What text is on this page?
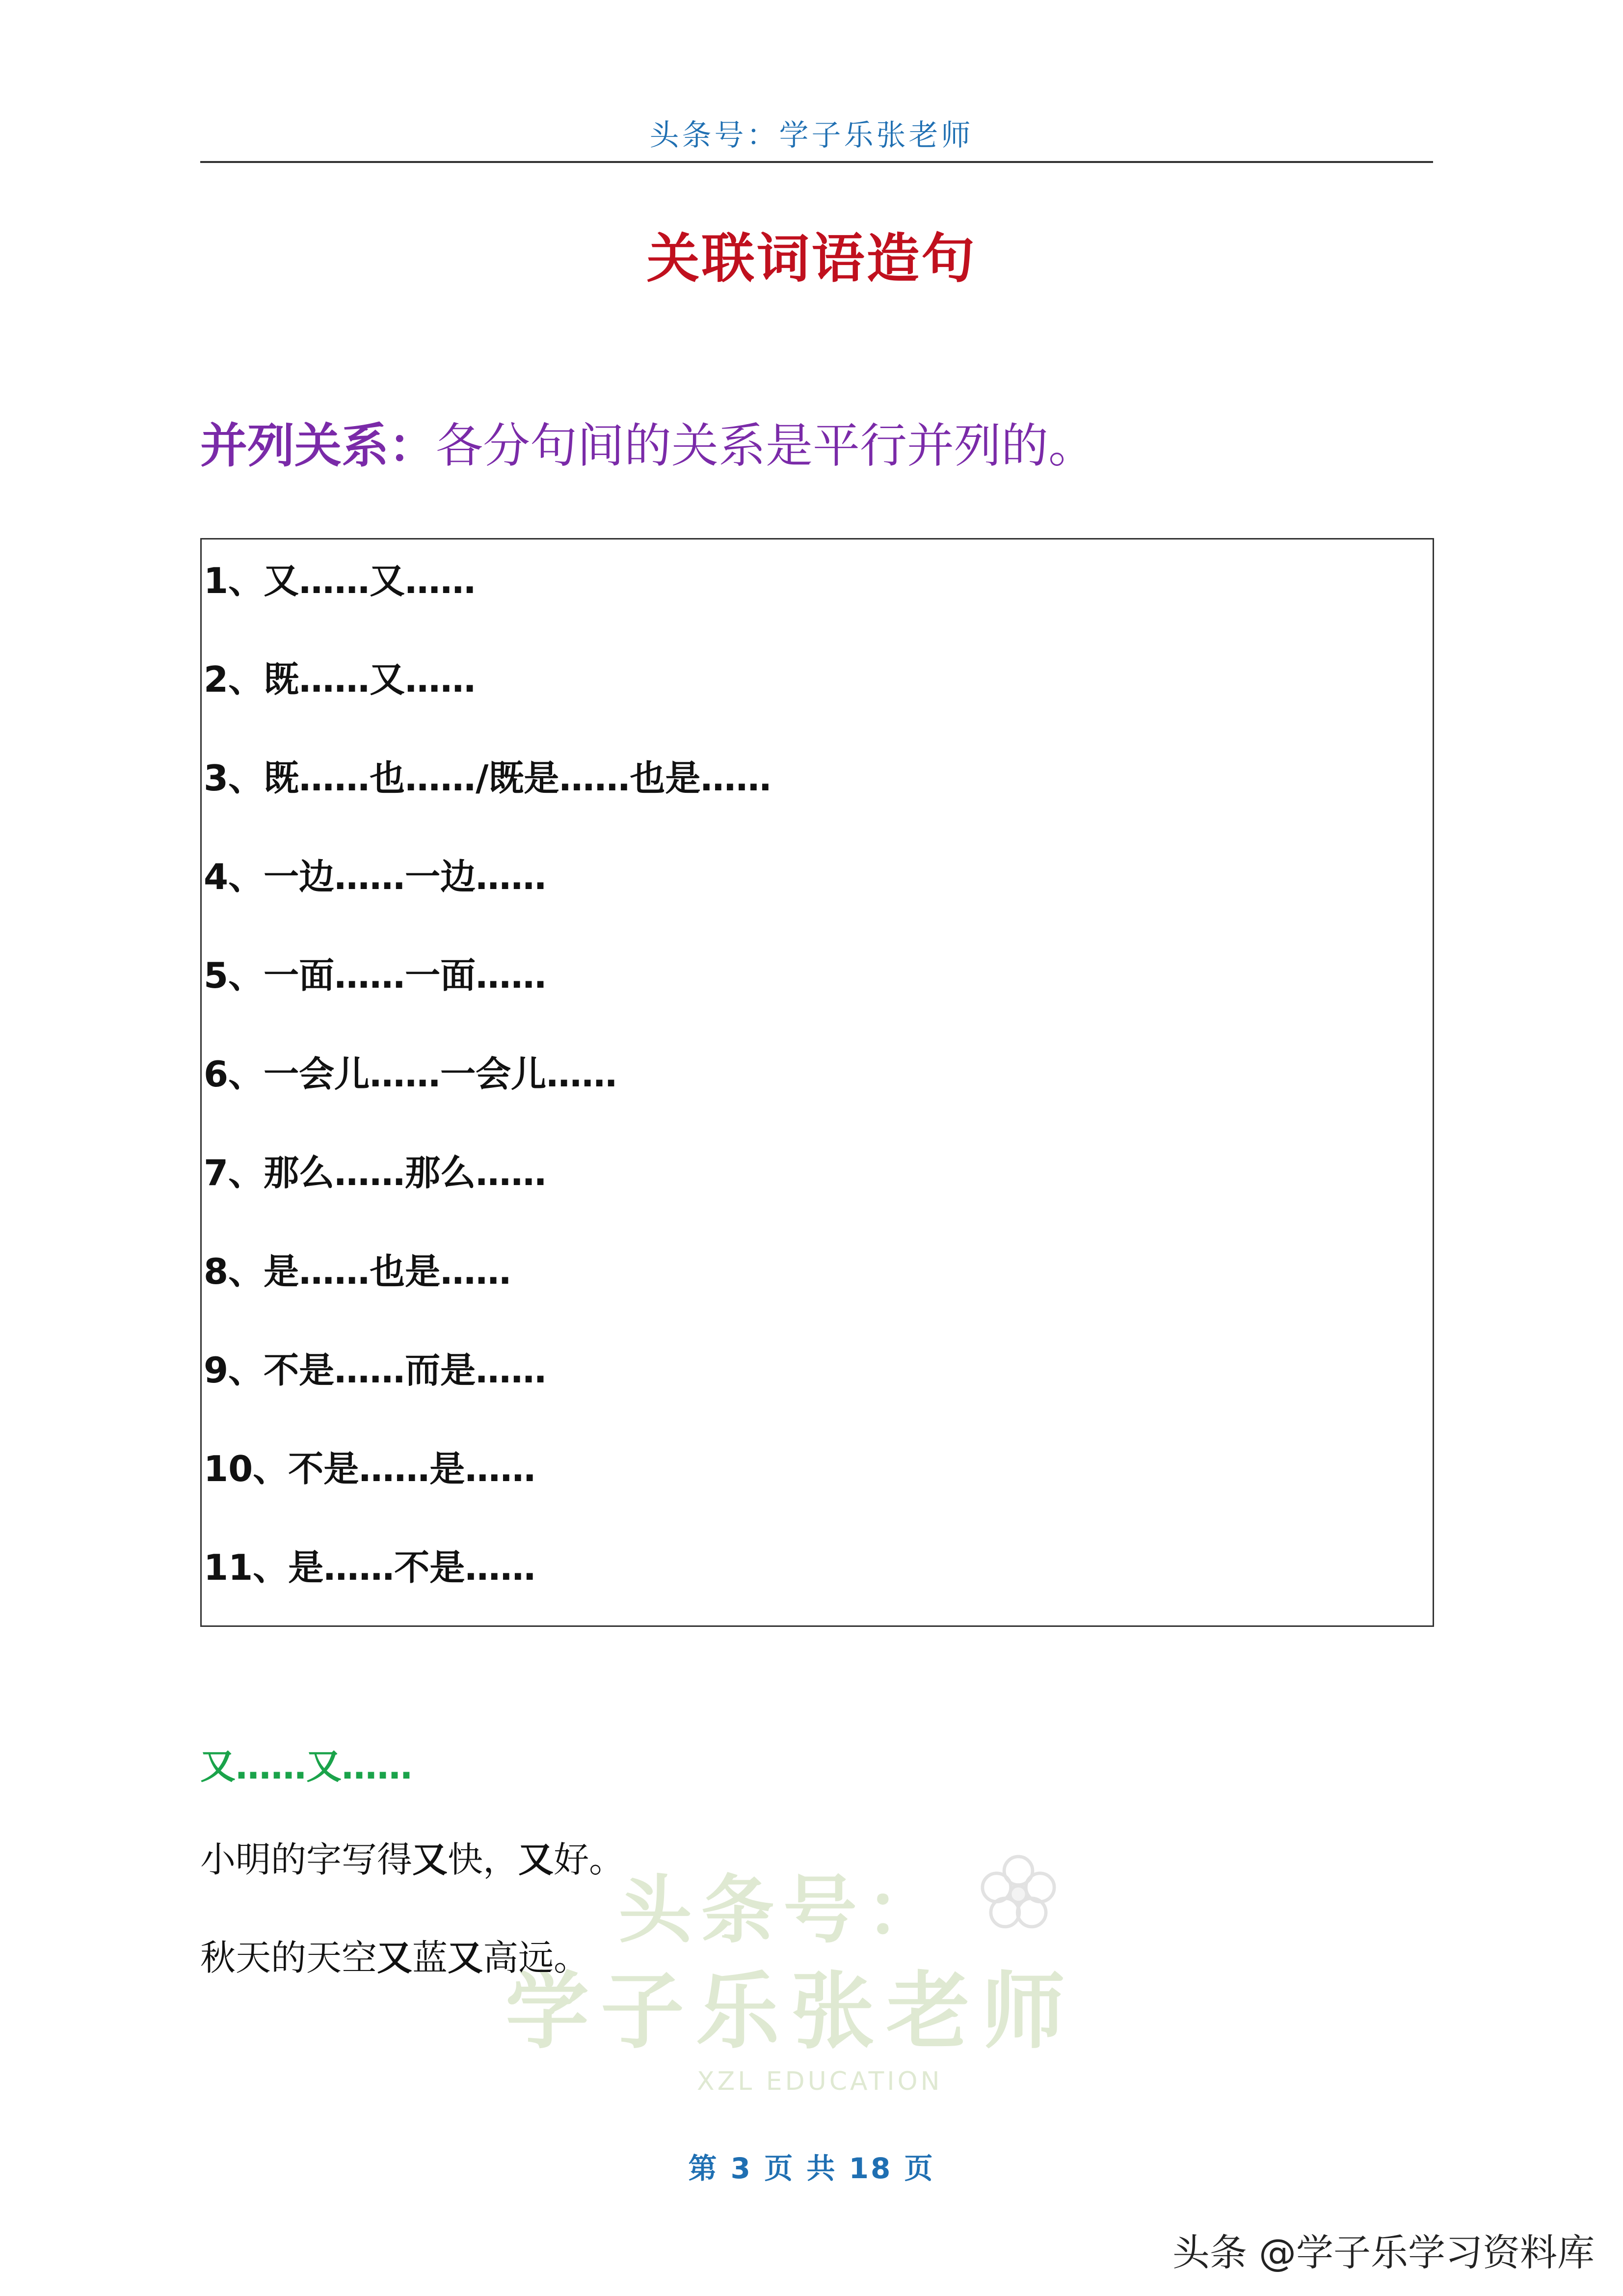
头条号：学子乐张老师
关联词语造句
并列关系：各分句间的关系是平行并列的。
1、又……又……
2、既……又……
3、既……也……/既是……也是……
4、一边……一边……
5、一面……一面……
6、一会儿……一会儿……
7、那么……那么……
8、是……也是……
9、不是……而是……
10、不是……是……
11、是……不是……
头条号：
学子乐张老师
XZL EDUCATION
又……又……

小明的字写得又快，又好。

秋天的天空又蓝又高远。

第 3 页 共 18 页
头条 @学子乐学习资料库
